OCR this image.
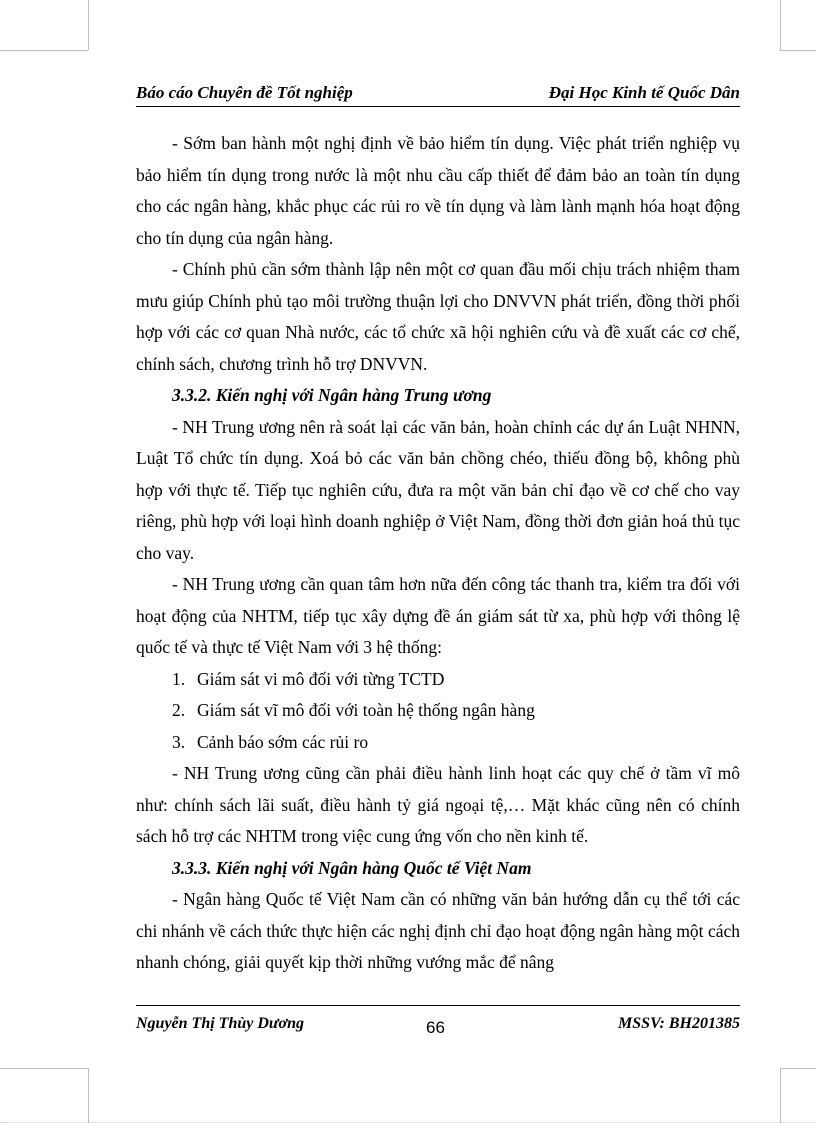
Báo cáo Chuyên đề Tốt nghiệp	Đại Học Kinh tế Quốc Dân

- Sớm ban hành một nghị định về bảo hiểm tín dụng. Việc phát triển nghiệp vụ bảo hiểm tín dụng trong nước là một nhu cầu cấp thiết để đảm bảo an toàn tín dụng cho các ngân hàng, khắc phục các rủi ro về tín dụng và làm lành mạnh hóa hoạt động cho tín dụng của ngân hàng.

- Chính phủ cần sớm thành lập nên một cơ quan đầu mối chịu trách nhiệm tham mưu giúp Chính phủ tạo môi trường thuận lợi cho DNVVN phát triển, đồng thời phối hợp với các cơ quan Nhà nước, các tổ chức xã hội nghiên cứu và đề xuất các cơ chế, chính sách, chương trình hỗ trợ DNVVN.

3.3.2. Kiến nghị với Ngân hàng Trung ương

- NH Trung ương nên rà soát lại các văn bản, hoàn chỉnh các dự án Luật NHNN, Luật Tổ chức tín dụng. Xoá bỏ các văn bản chồng chéo, thiếu đồng bộ, không phù hợp với thực tế. Tiếp tục nghiên cứu, đưa ra một văn bản chỉ đạo về cơ chế cho vay riêng, phù hợp với loại hình doanh nghiệp ở Việt Nam, đồng thời đơn giản hoá thủ tục cho vay.

- NH Trung ương cần quan tâm hơn nữa đến công tác thanh tra, kiểm tra đối với hoạt động của NHTM, tiếp tục xây dựng đề án giám sát từ xa, phù hợp với thông lệ quốc tế và thực tế Việt Nam với 3 hệ thống:

1. Giám sát vi mô đối với từng TCTD
2. Giám sát vĩ mô đối với toàn hệ thống ngân hàng
3. Cảnh báo sớm các rủi ro

- NH Trung ương cũng cần phải điều hành linh hoạt các quy chế ở tầm vĩ mô như: chính sách lãi suất, điều hành tỷ giá ngoại tệ,… Mặt khác cũng nên có chính sách hỗ trợ các NHTM trong việc cung ứng vốn cho nền kinh tế.

3.3.3. Kiến nghị với Ngân hàng Quốc tế Việt Nam

- Ngân hàng Quốc tế Việt Nam cần có những văn bản hướng dẫn cụ thể tới các chi nhánh về cách thức thực hiện các nghị định chỉ đạo hoạt động ngân hàng một cách nhanh chóng, giải quyết kịp thời những vướng mắc để nâng

Nguyễn Thị Thùy Dương	66	MSSV: BH201385
